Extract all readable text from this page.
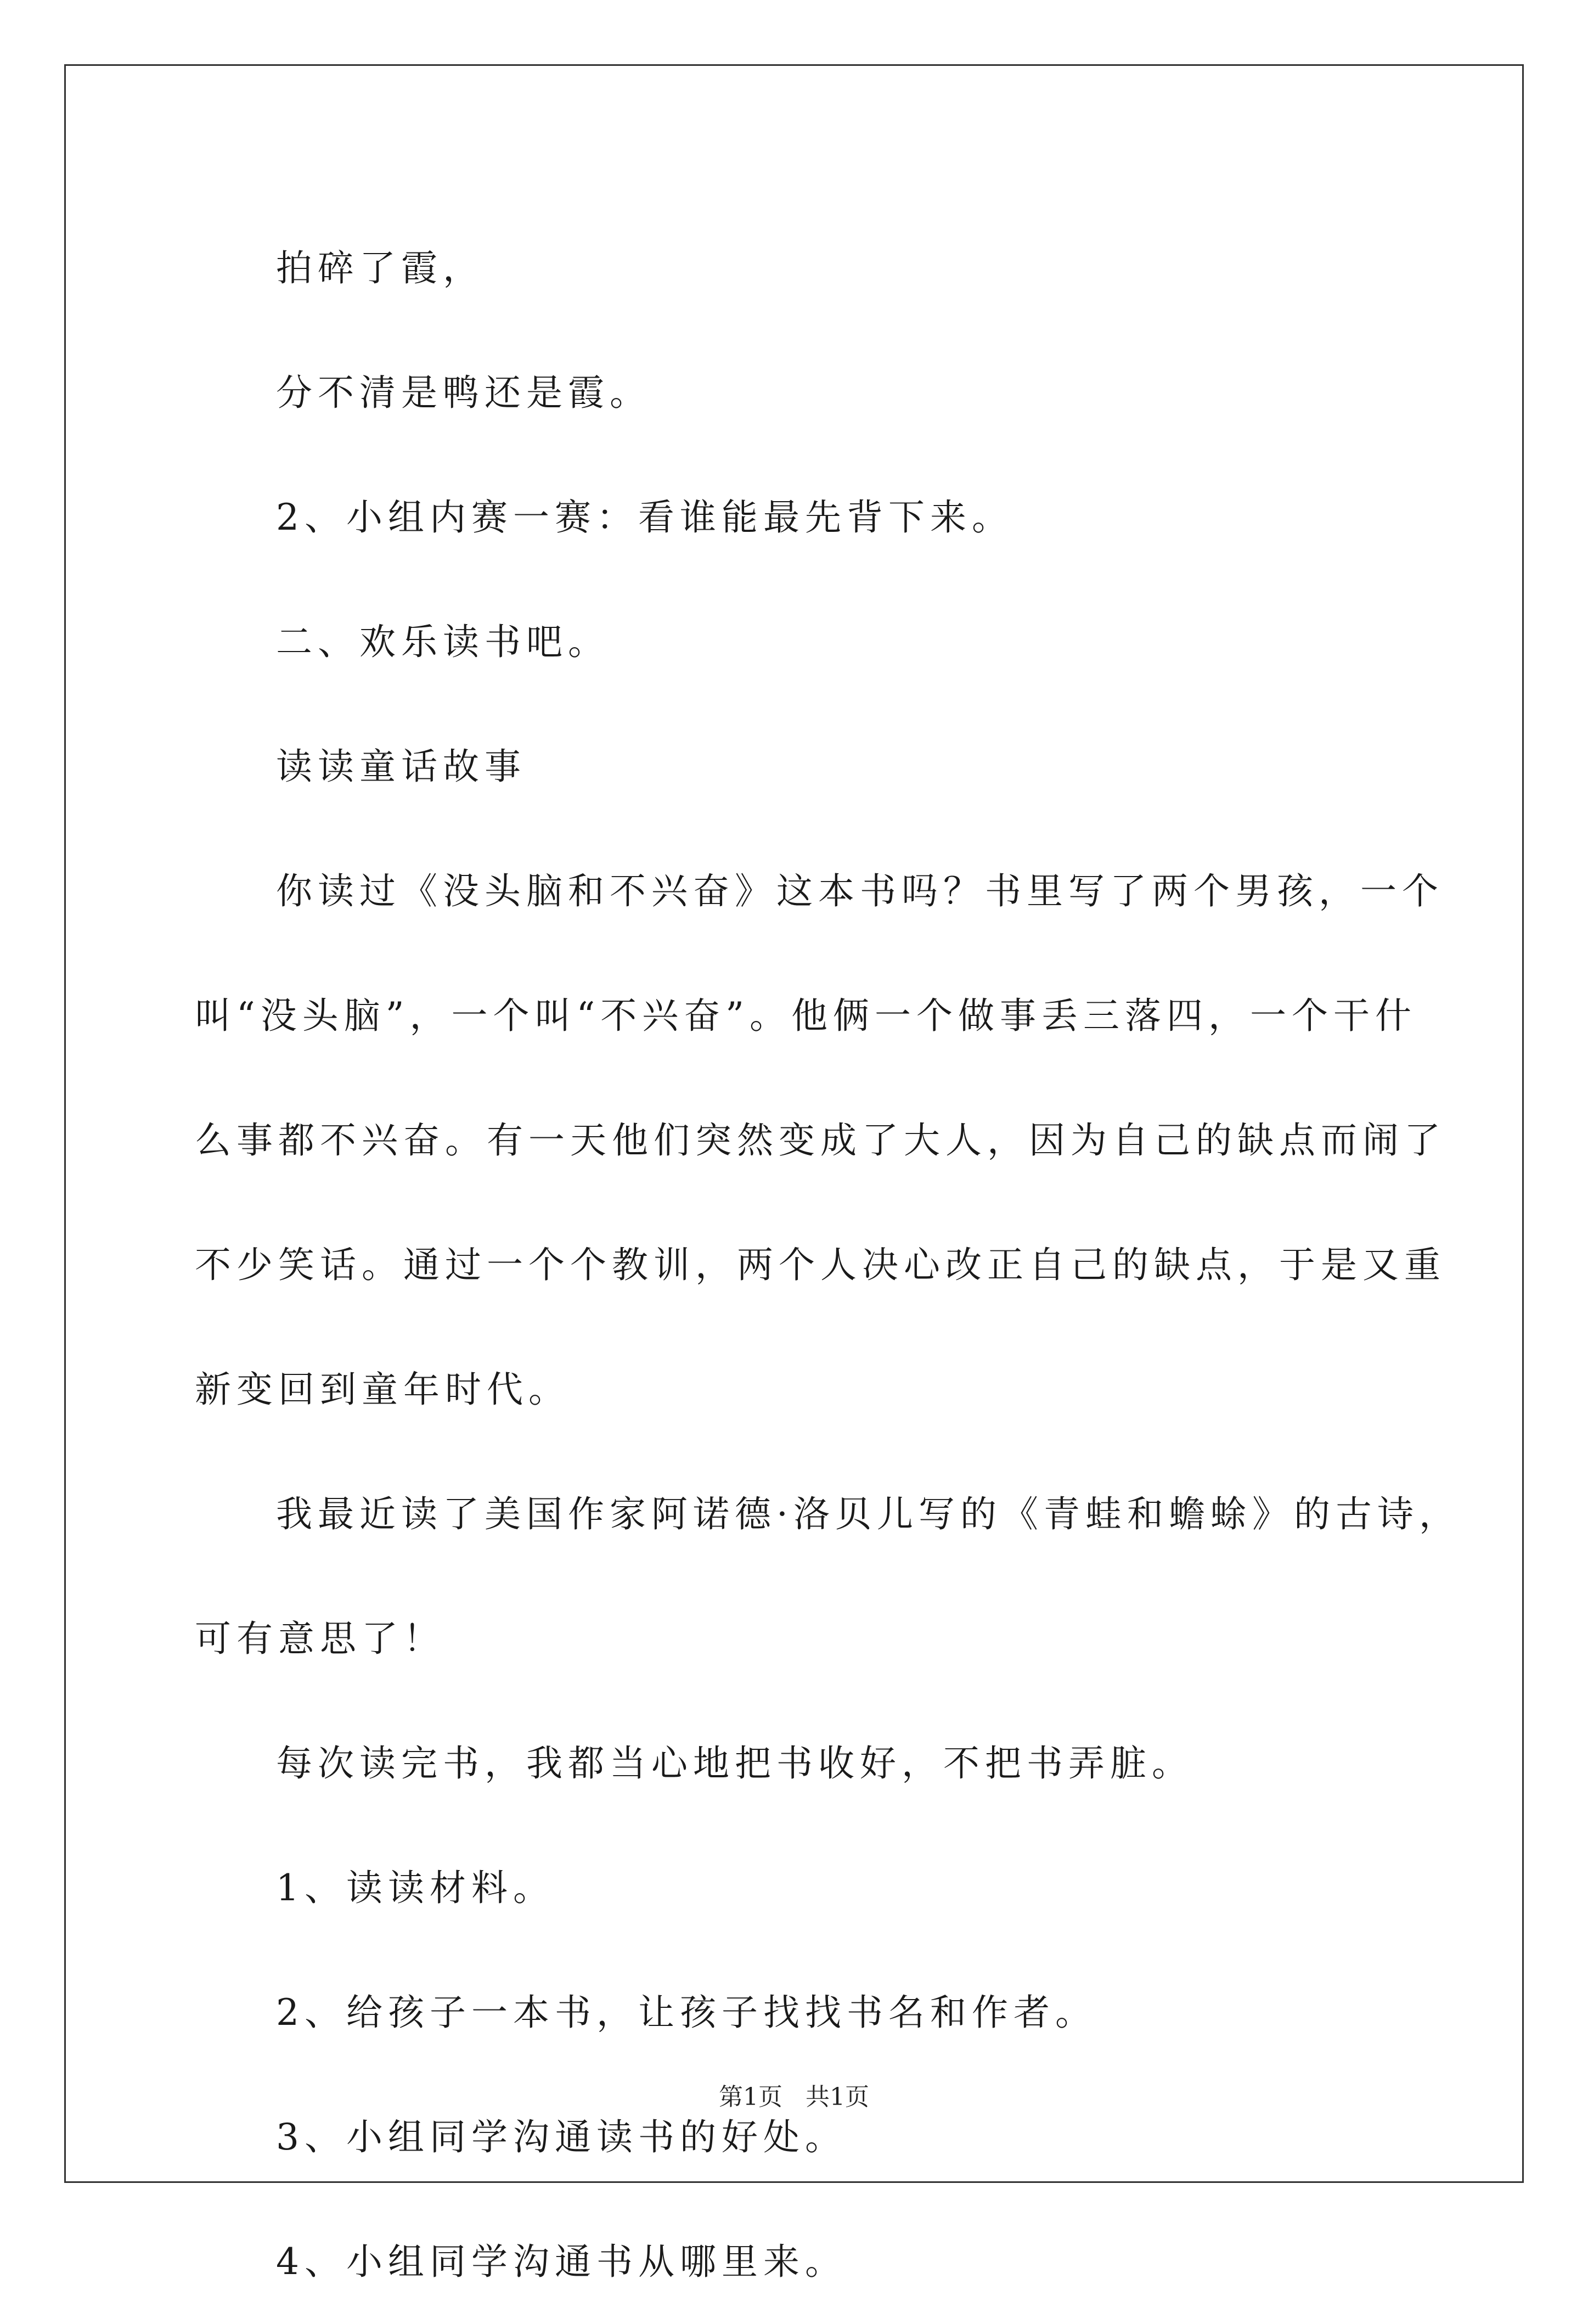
拍碎了霞，

分不清是鸭还是霞。

2、小组内赛一赛：看谁能最先背下来。

二、欢乐读书吧。

读读童话故事

你读过《没头脑和不兴奋》这本书吗？书里写了两个男孩，一个

叫“没头脑”，一个叫“不兴奋”。他俩一个做事丢三落四，一个干什

么事都不兴奋。有一天他们突然变成了大人，因为自己的缺点而闹了

不少笑话。通过一个个教训，两个人决心改正自己的缺点，于是又重

新变回到童年时代。

我最近读了美国作家阿诺德·洛贝儿写的《青蛙和蟾蜍》的古诗，

可有意思了！

每次读完书，我都当心地把书收好，不把书弄脏。

1、读读材料。

2、给孩子一本书，让孩子找找书名和作者。

3、小组同学沟通读书的好处。

4、小组同学沟通书从哪里来。

第1页 共1页
